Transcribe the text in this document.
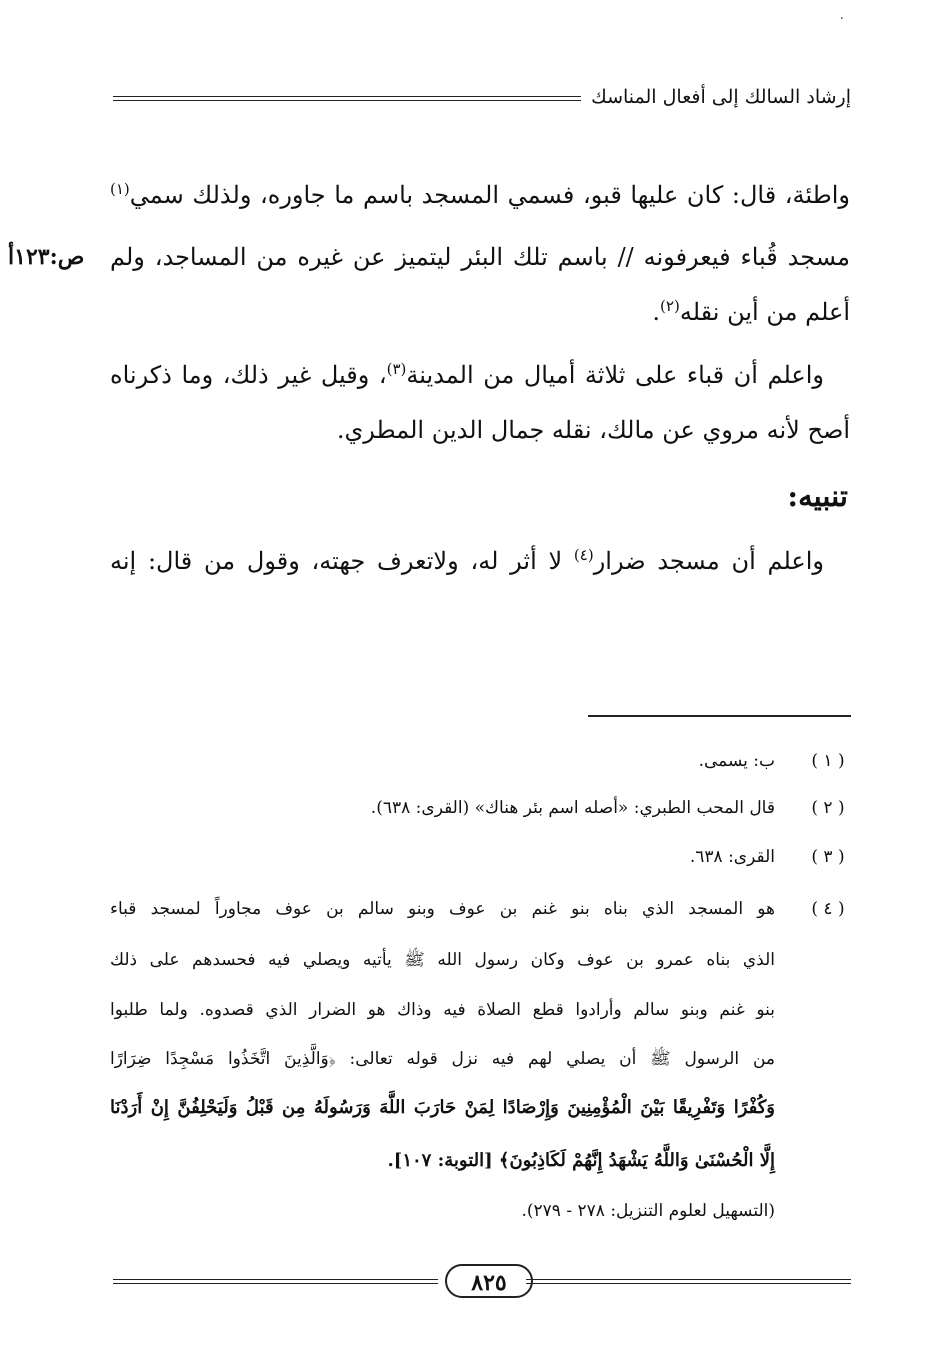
٠
إرشاد السالك إلى أفعال المناسك
واطئة، قال: كان عليها قبو، فسمي المسجد باسم ما جاوره، ولذلك سمي$^{(١)}$
مسجد قُباء فيعرفونه // باسم تلك البئر ليتميز عن غيره من المساجد، ولم
أعلم من أين نقله$^{(٢)}$.
واعلم أن قباء على ثلاثة أميال من المدينة$^{(٣)}$، وقيل غير ذلك، وما ذكرناه
أصح لأنه مروي عن مالك، نقله جمال الدين المطري.
واعلم أن مسجد ضرار$^{(٤)}$ لا أثر له، ولاتعرف جهته، وقول من قال: إنه
ص:١٢٣أ
تنبيه:
( ١ )
ب: يسمى.
( ٢ )
قال المحب الطبري: «أصله اسم بئر هناك» (القرى: ٦٣٨).
( ٣ )
القرى: ٦٣٨.
( ٤ )
هو المسجد الذي بناه بنو غنم بن عوف وبنو سالم بن عوف مجاوراً لمسجد قباء
الذي بناه عمرو بن عوف وكان رسول الله ﷺ يأتيه ويصلي فيه فحسدهم على ذلك
بنو غنم وبنو سالم وأرادوا قطع الصلاة فيه وذاك هو الضرار الذي قصدوه. ولما طلبوا
من الرسول ﷺ أن يصلي لهم فيه نزل قوله تعالى: ﴿وَالَّذِينَ اتَّخَذُوا مَسْجِدًا ضِرَارًا
وَكُفْرًا وَتَفْرِيقًا بَيْنَ الْمُؤْمِنِينَ وَإِرْصَادًا لِمَنْ حَارَبَ اللَّهَ وَرَسُولَهُ مِن قَبْلُ وَلَيَحْلِفُنَّ إِنْ أَرَدْنَا
إِلَّا الْحُسْنَىٰ وَاللَّهُ يَشْهَدُ إِنَّهُمْ لَكَاذِبُونَ﴾ [التوبة: ١٠٧].
(التسهيل لعلوم التنزيل: ٢٧٨ - ٢٧٩).
٨٢٥
